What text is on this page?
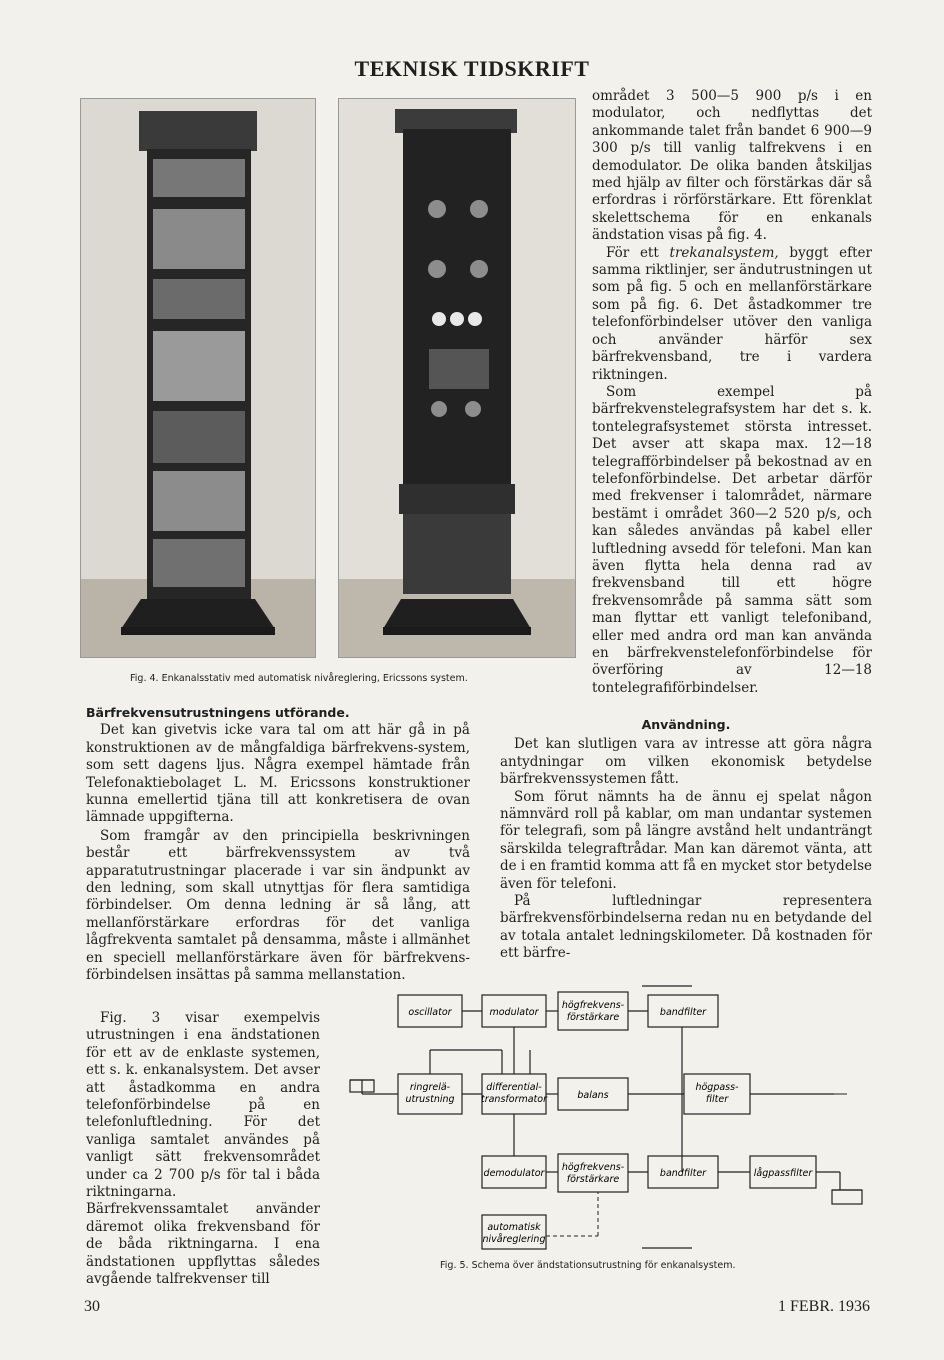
TEKNISK TIDSKRIFT
Fig. 4. Enkanalsstativ med automatisk nivåreglering, Ericssons system.
Bärfrekvensutrustningens utförande.

Det kan givetvis icke vara tal om att här gå in på konstruktionen av de mångfaldiga bärfrekvens-system, som sett dagens ljus. Några exempel hämtade från Telefonaktiebolaget L. M. Ericssons konstruktioner kunna emellertid tjäna till att konkretisera de ovan lämnade uppgifterna.

Som framgår av den principiella beskrivningen består ett bärfrekvenssystem av två apparatutrustningar placerade i var sin ändpunkt av den ledning, som skall utnyttjas för flera samtidiga förbindelser. Om denna ledning är så lång, att mellanförstärkare erfordras för det vanliga lågfrekventa samtalet på densamma, måste i allmänhet en speciell mellanförstärkare även för bärfrekvens-förbindelsen insättas på samma mellanstation.

Fig. 3 visar exempelvis utrustningen i ena ändstationen för ett av de enklaste systemen, ett s. k. enkanalsystem. Det avser att åstadkomma en andra telefonförbindelse på en telefonluftledning. För det vanliga samtalet användes på vanligt sätt frekvensområdet under ca 2 700 p/s för tal i båda riktningarna. Bärfrekvenssamtalet använder däremot olika frekvensband för de båda riktningarna. I ena ändstationen uppflyttas således avgående talfrekvenser till

området 3 500—5 900 p/s i en modulator, och nedflyttas det ankommande talet från bandet 6 900—9 300 p/s till vanlig talfrekvens i en demodulator. De olika banden åtskiljas med hjälp av filter och förstärkas där så erfordras i rörförstärkare. Ett förenklat skelettschema för en enkanals ändstation visas på fig. 4.

För ett trekanalsystem, byggt efter samma riktlinjer, ser ändutrustningen ut som på fig. 5 och en mellanförstärkare som på fig. 6. Det åstadkommer tre telefonförbindelser utöver den vanliga och använder härför sex bärfrekvensband, tre i vardera riktningen.

Som exempel på bärfrekvenstelegrafsystem har det s. k. tontelegrafsystemet största intresset. Det avser att skapa max. 12—18 telegrafförbindelser på bekostnad av en telefonförbindelse. Det arbetar därför med frekvenser i talområdet, närmare bestämt i området 360—2 520 p/s, och kan således användas på kabel eller luftledning avsedd för telefoni. Man kan även flytta hela denna rad av frekvensband till ett högre frekvensområde på samma sätt som man flyttar ett vanligt telefoniband, eller med andra ord man kan använda en bärfrekvenstelefonförbindelse för överföring av 12—18 tontelegrafiförbindelser.

Användning.

Det kan slutligen vara av intresse att göra några antydningar om vilken ekonomisk betydelse bärfrekvenssystemen fått.

Som förut nämnts ha de ännu ej spelat någon nämnvärd roll på kablar, om man undantar systemen för telegrafi, som på längre avstånd helt undanträngt särskilda telegraftrådar. Man kan däremot vänta, att de i en framtid komma att få en mycket stor betydelse även för telefoni.

På luftledningar representera bärfrekvensförbindelserna redan nu en betydande del av totala antalet ledningskilometer. Då kostnaden för ett bärfre-

oscillator	modulator
högfrekvens-
förstärkare	bandfilter
ringrelä-
utrustning
differential-
transformator	balans
högpass-
filter
demodulator
högfrekvens-
förstärkare
bandfilter	lågpassfilter
automatisk
nivåreglering
Fig. 5. Schema över ändstationsutrustning för enkanalsystem.
30	1 FEBR. 1936
